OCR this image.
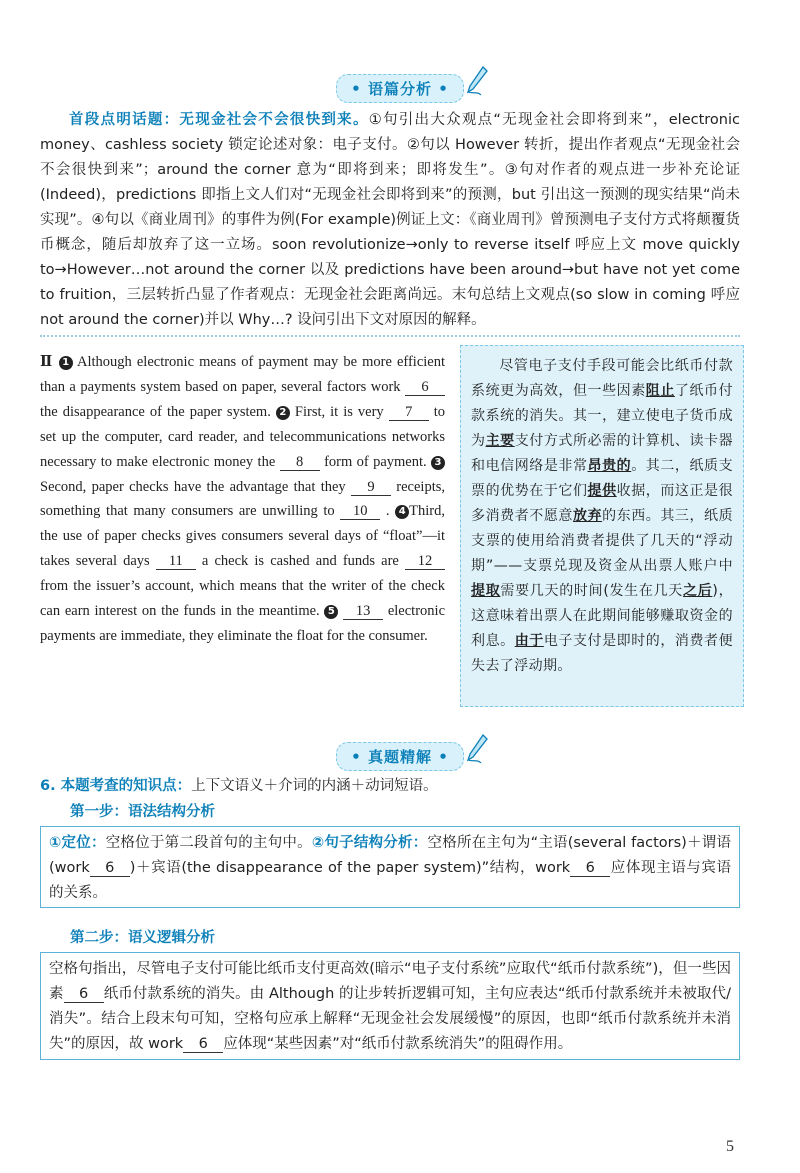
• 语篇分析 •
首段点明话题：无现金社会不会很快到来。①句引出大众观点“无现金社会即将到来”，electronic money、cashless society 锁定论述对象：电子支付。②句以 However 转折，提出作者观点“无现金社会不会很快到来”；around the corner 意为“即将到来；即将发生”。③句对作者的观点进一步补充论证(Indeed)，predictions 即指上文人们对“无现金社会即将到来”的预测，but 引出这一预测的现实结果“尚未实现”。④句以《商业周刊》的事件为例(For example)例证上文：《商业周刊》曾预测电子支付方式将颠覆货币概念，随后却放弃了这一立场。soon revolutionize→only to reverse itself 呼应上文 move quickly to→However…not around the corner 以及 predictions have been around→but have not yet come to fruition，三层转折凸显了作者观点：无现金社会距离尚远。末句总结上文观点(so slow in coming 呼应 not around the corner)并以 Why…? 设问引出下文对原因的解释。
Ⅱ 1 Although electronic means of payment may be more efficient than a payments system based on paper, several factors work 6 the disappearance of the paper system. 2 First, it is very 7 to set up the computer, card reader, and telecommunications networks necessary to make electronic money the 8 form of payment. 3Second, paper checks have the advantage that they 9 receipts, something that many consumers are unwilling to 10 . 4 Third, the use of paper checks gives consumers several days of “float”—it takes several days 11 a check is cashed and funds are 12 from the issuer’s account, which means that the writer of the check can earn interest on the funds in the meantime. 5 13 electronic payments are immediate, they eliminate the float for the consumer.
尽管电子支付手段可能会比纸币付款系统更为高效，但一些因素阻止了纸币付款系统的消失。其一，建立使电子货币成为主要支付方式所必需的计算机、读卡器和电信网络是非常昂贵的。其二，纸质支票的优势在于它们提供收据，而这正是很多消费者不愿意放弃的东西。其三，纸质支票的使用给消费者提供了几天的“浮动期”——支票兑现及资金从出票人账户中提取需要几天的时间(发生在几天之后)，这意味着出票人在此期间能够赚取资金的利息。由于电子支付是即时的，消费者便失去了浮动期。
• 真题精解 •
6. 本题考查的知识点：上下文语义＋介词的内涵＋动词短语。
第一步：语法结构分析
①定位：空格位于第二段首句的主句中。②句子结构分析：空格所在主句为“主语(several factors)＋谓语(work 6 )＋宾语(the disappearance of the paper system)”结构，work 6 应体现主语与宾语的关系。
第二步：语义逻辑分析
空格句指出，尽管电子支付可能比纸币支付更高效(暗示“电子支付系统”应取代“纸币付款系统”)，但一些因素 6 纸币付款系统的消失。由 Although 的让步转折逻辑可知，主句应表达“纸币付款系统并未被取代/消失”。结合上段末句可知，空格句应承上解释“无现金社会发展缓慢”的原因，也即“纸币付款系统并未消失”的原因，故 work 6 应体现“某些因素”对“纸币付款系统消失”的阻碍作用。
5
